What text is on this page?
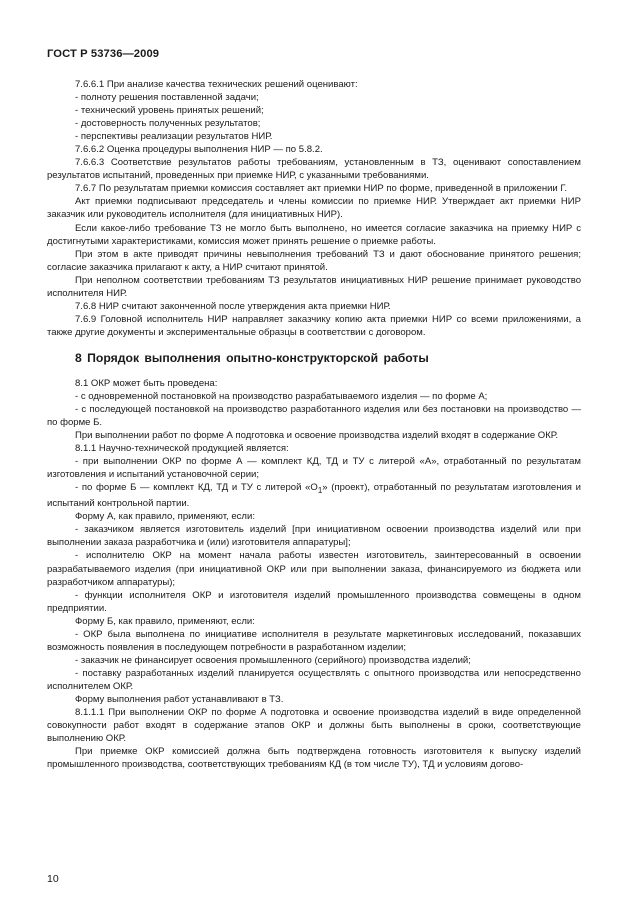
ГОСТ Р 53736—2009

7.6.6.1 При анализе качества технических решений оценивают:

- полноту решения поставленной задачи;

- технический уровень принятых решений;

- достоверность полученных результатов;

- перспективы реализации результатов НИР.

7.6.6.2 Оценка процедуры выполнения НИР — по 5.8.2.

7.6.6.3 Соответствие результатов работы требованиям, установленным в ТЗ, оценивают сопоставлением результатов испытаний, проведенных при приемке НИР, с указанными требованиями.

7.6.7 По результатам приемки комиссия составляет акт приемки НИР по форме, приведенной в приложении Г.

Акт приемки подписывают председатель и члены комиссии по приемке НИР. Утверждает акт приемки НИР заказчик или руководитель исполнителя (для инициативных НИР).

Если какое-либо требование ТЗ не могло быть выполнено, но имеется согласие заказчика на приемку НИР с достигнутыми характеристиками, комиссия может принять решение о приемке работы.

При этом в акте приводят причины невыполнения требований ТЗ и дают обоснование принятого решения; согласие заказчика прилагают к акту, а НИР считают принятой.

При неполном соответствии требованиям ТЗ результатов инициативных НИР решение принимает руководство исполнителя НИР.

7.6.8 НИР считают законченной после утверждения акта приемки НИР.

7.6.9 Головной исполнитель НИР направляет заказчику копию акта приемки НИР со всеми приложениями, а также другие документы и экспериментальные образцы в соответствии с договором.

8 Порядок выполнения опытно-конструкторской работы

8.1 ОКР может быть проведена:

- с одновременной постановкой на производство разрабатываемого изделия — по форме А;

- с последующей постановкой на производство разработанного изделия или без постановки на производство — по форме Б.

При выполнении работ по форме А подготовка и освоение производства изделий входят в содержание ОКР.

8.1.1 Научно-технической продукцией является:

- при выполнении ОКР по форме А — комплект КД, ТД и ТУ с литерой «А», отработанный по результатам изготовления и испытаний установочной серии;

- по форме Б — комплект КД, ТД и ТУ с литерой «$O_1$» (проект), отработанный по результатам изготовления и испытаний контрольной партии.

Форму А, как правило, применяют, если:

- заказчиком является изготовитель изделий [при инициативном освоении производства изделий или при выполнении заказа разработчика и (или) изготовителя аппаратуры];

- исполнителю ОКР на момент начала работы известен изготовитель, заинтересованный в освоении разрабатываемого изделия (при инициативной ОКР или при выполнении заказа, финансируемого из бюджета или разработчиком аппаратуры);

- функции исполнителя ОКР и изготовителя изделий промышленного производства совмещены в одном предприятии.

Форму Б, как правило, применяют, если:

- ОКР была выполнена по инициативе исполнителя в результате маркетинговых исследований, показавших возможность появления в последующем потребности в разработанном изделии;

- заказчик не финансирует освоения промышленного (серийного) производства изделий;

- поставку разработанных изделий планируется осуществлять с опытного производства или непосредственно исполнителем ОКР.

Форму выполнения работ устанавливают в ТЗ.

8.1.1.1 При выполнении ОКР по форме А подготовка и освоение производства изделий в виде определенной совокупности работ входят в содержание этапов ОКР и должны быть выполнены в сроки, соответствующие выполнению ОКР.

При приемке ОКР комиссией должна быть подтверждена готовность изготовителя к выпуску изделий промышленного производства, соответствующих требованиям КД (в том числе ТУ), ТД и условиям догово-

10
